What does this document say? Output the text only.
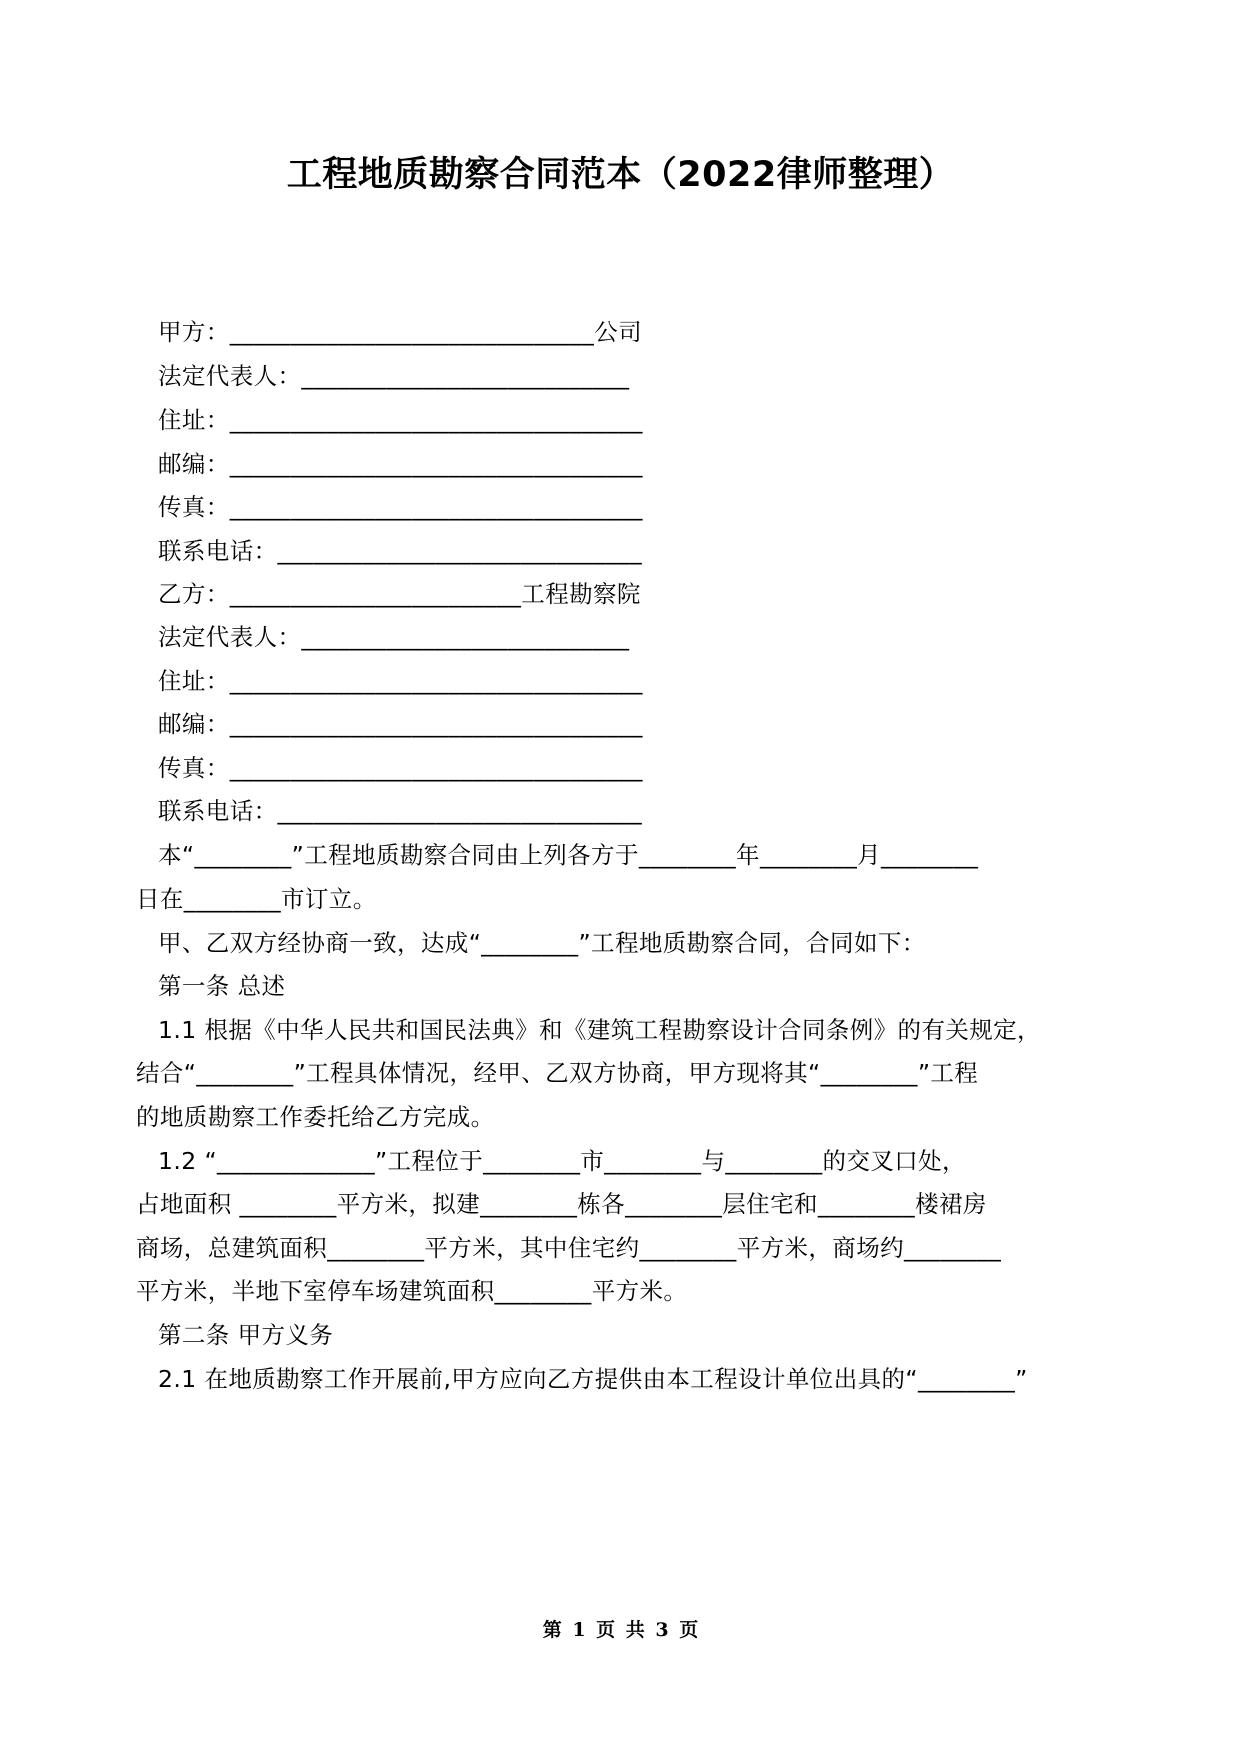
工程地质勘察合同范本（2022律师整理）
甲方：______________________________公司
法定代表人：___________________________
住址：__________________________________
邮编：__________________________________
传真：__________________________________
联系电话：______________________________
乙方：________________________工程勘察院
法定代表人：___________________________
住址：__________________________________
邮编：__________________________________
传真：__________________________________
联系电话：______________________________
本“________”工程地质勘察合同由上列各方于________年________月________
日在________市订立。
甲、乙双方经协商一致，达成“________”工程地质勘察合同，合同如下：
第一条 总述
1.1 根据《中华人民共和国民法典》和《建筑工程勘察设计合同条例》的有关规定，
结合“________”工程具体情况，经甲、乙双方协商，甲方现将其“________”工程
的地质勘察工作委托给乙方完成。
1.2 “_____________”工程位于________市________与________的交叉口处，
占地面积 ________平方米，拟建________栋各________层住宅和________楼裙房
商场，总建筑面积________平方米，其中住宅约________平方米，商场约________
平方米，半地下室停车场建筑面积________平方米。
第二条 甲方义务
2.1 在地质勘察工作开展前,甲方应向乙方提供由本工程设计单位出具的“________”
第 1 页 共 3 页
